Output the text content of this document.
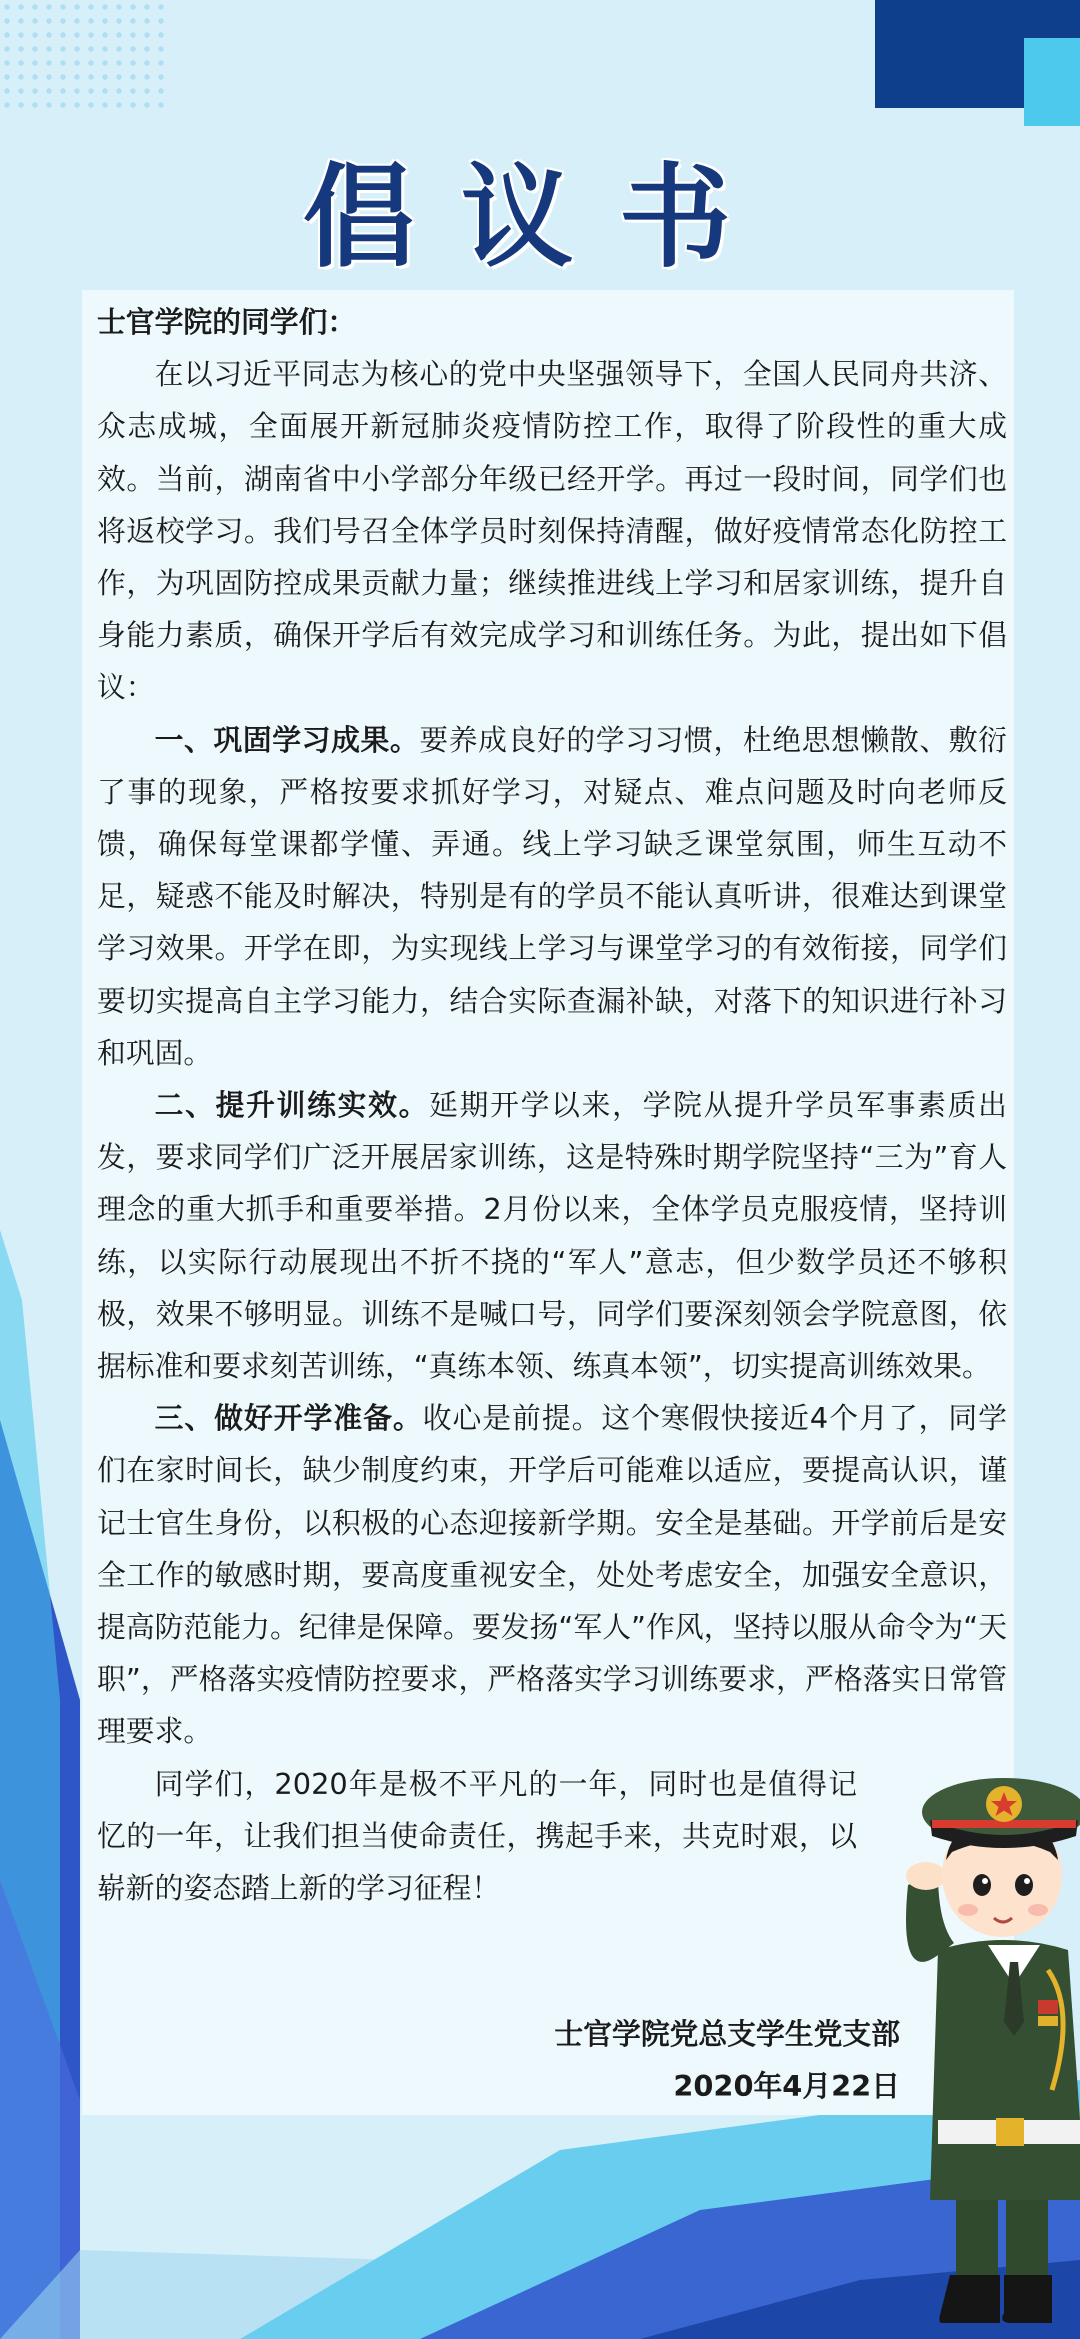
倡议书

士官学院的同学们：

在以习近平同志为核心的党中央坚强领导下，全国人民同舟共济、众志成城，全面展开新冠肺炎疫情防控工作，取得了阶段性的重大成效。当前，湖南省中小学部分年级已经开学。再过一段时间，同学们也将返校学习。我们号召全体学员时刻保持清醒，做好疫情常态化防控工作，为巩固防控成果贡献力量；继续推进线上学习和居家训练，提升自身能力素质，确保开学后有效完成学习和训练任务。为此，提出如下倡议：

一、巩固学习成果。要养成良好的学习习惯，杜绝思想懒散、敷衍了事的现象，严格按要求抓好学习，对疑点、难点问题及时向老师反馈，确保每堂课都学懂、弄通。线上学习缺乏课堂氛围，师生互动不足，疑惑不能及时解决，特别是有的学员不能认真听讲，很难达到课堂学习效果。开学在即，为实现线上学习与课堂学习的有效衔接，同学们要切实提高自主学习能力，结合实际查漏补缺，对落下的知识进行补习和巩固。

二、提升训练实效。延期开学以来，学院从提升学员军事素质出发，要求同学们广泛开展居家训练，这是特殊时期学院坚持“三为”育人理念的重大抓手和重要举措。2月份以来，全体学员克服疫情，坚持训练，以实际行动展现出不折不挠的“军人”意志，但少数学员还不够积极，效果不够明显。训练不是喊口号，同学们要深刻领会学院意图，依据标准和要求刻苦训练，“真练本领、练真本领”，切实提高训练效果。

三、做好开学准备。收心是前提。这个寒假快接近4个月了，同学们在家时间长，缺少制度约束，开学后可能难以适应，要提高认识，谨记士官生身份，以积极的心态迎接新学期。安全是基础。开学前后是安全工作的敏感时期，要高度重视安全，处处考虑安全，加强安全意识，提高防范能力。纪律是保障。要发扬“军人”作风，坚持以服从命令为“天职”，严格落实疫情防控要求，严格落实学习训练要求，严格落实日常管理要求。

同学们，2020年是极不平凡的一年，同时也是值得记忆的一年，让我们担当使命责任，携起手来，共克时艰，以崭新的姿态踏上新的学习征程！

士官学院党总支学生党支部
2020年4月22日
